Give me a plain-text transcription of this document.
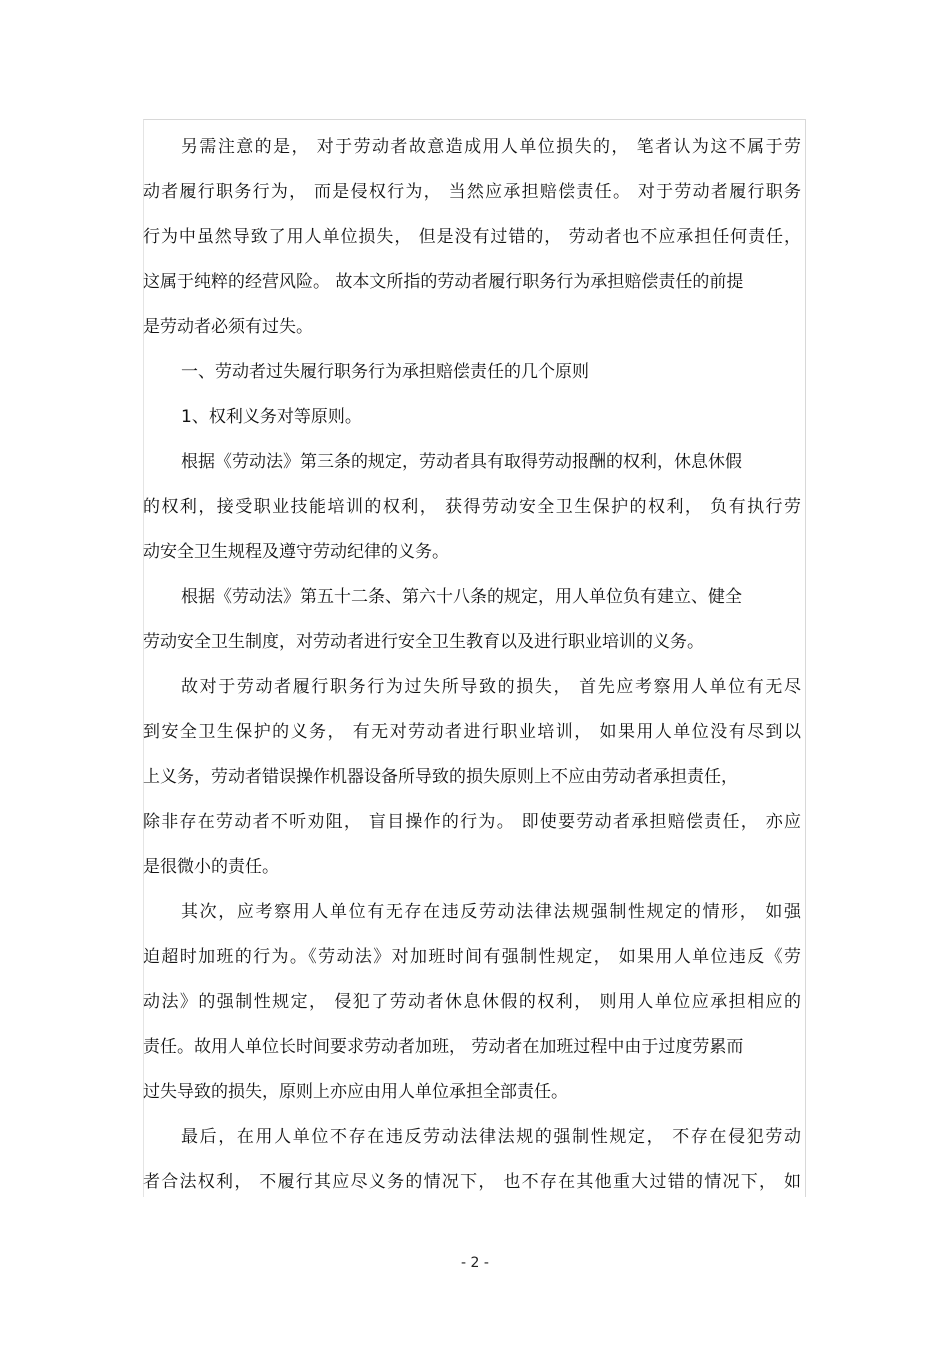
另需注意的是， 对于劳动者故意造成用人单位损失的， 笔者认为这不属于劳
动者履行职务行为， 而是侵权行为， 当然应承担赔偿责任。 对于劳动者履行职务
行为中虽然导致了用人单位损失， 但是没有过错的， 劳动者也不应承担任何责任，
这属于纯粹的经营风险。 故本文所指的劳动者履行职务行为承担赔偿责任的前提
是劳动者必须有过失。
一、劳动者过失履行职务行为承担赔偿责任的几个原则
1、权利义务对等原则。
根据《劳动法》第三条的规定，劳动者具有取得劳动报酬的权利，休息休假
的权利，接受职业技能培训的权利， 获得劳动安全卫生保护的权利， 负有执行劳
动安全卫生规程及遵守劳动纪律的义务。
根据《劳动法》第五十二条、第六十八条的规定，用人单位负有建立、健全
劳动安全卫生制度，对劳动者进行安全卫生教育以及进行职业培训的义务。
故对于劳动者履行职务行为过失所导致的损失， 首先应考察用人单位有无尽
到安全卫生保护的义务， 有无对劳动者进行职业培训， 如果用人单位没有尽到以
上义务，劳动者错误操作机器设备所导致的损失原则上不应由劳动者承担责任，
除非存在劳动者不听劝阻， 盲目操作的行为。 即使要劳动者承担赔偿责任， 亦应
是很微小的责任。
其次，应考察用人单位有无存在违反劳动法律法规强制性规定的情形， 如强
迫超时加班的行为。《劳动法》对加班时间有强制性规定， 如果用人单位违反《劳
动法》的强制性规定， 侵犯了劳动者休息休假的权利， 则用人单位应承担相应的
责任。故用人单位长时间要求劳动者加班， 劳动者在加班过程中由于过度劳累而
过失导致的损失，原则上亦应由用人单位承担全部责任。
最后，在用人单位不存在违反劳动法律法规的强制性规定， 不存在侵犯劳动
者合法权利， 不履行其应尽义务的情况下， 也不存在其他重大过错的情况下， 如
- 2 -
